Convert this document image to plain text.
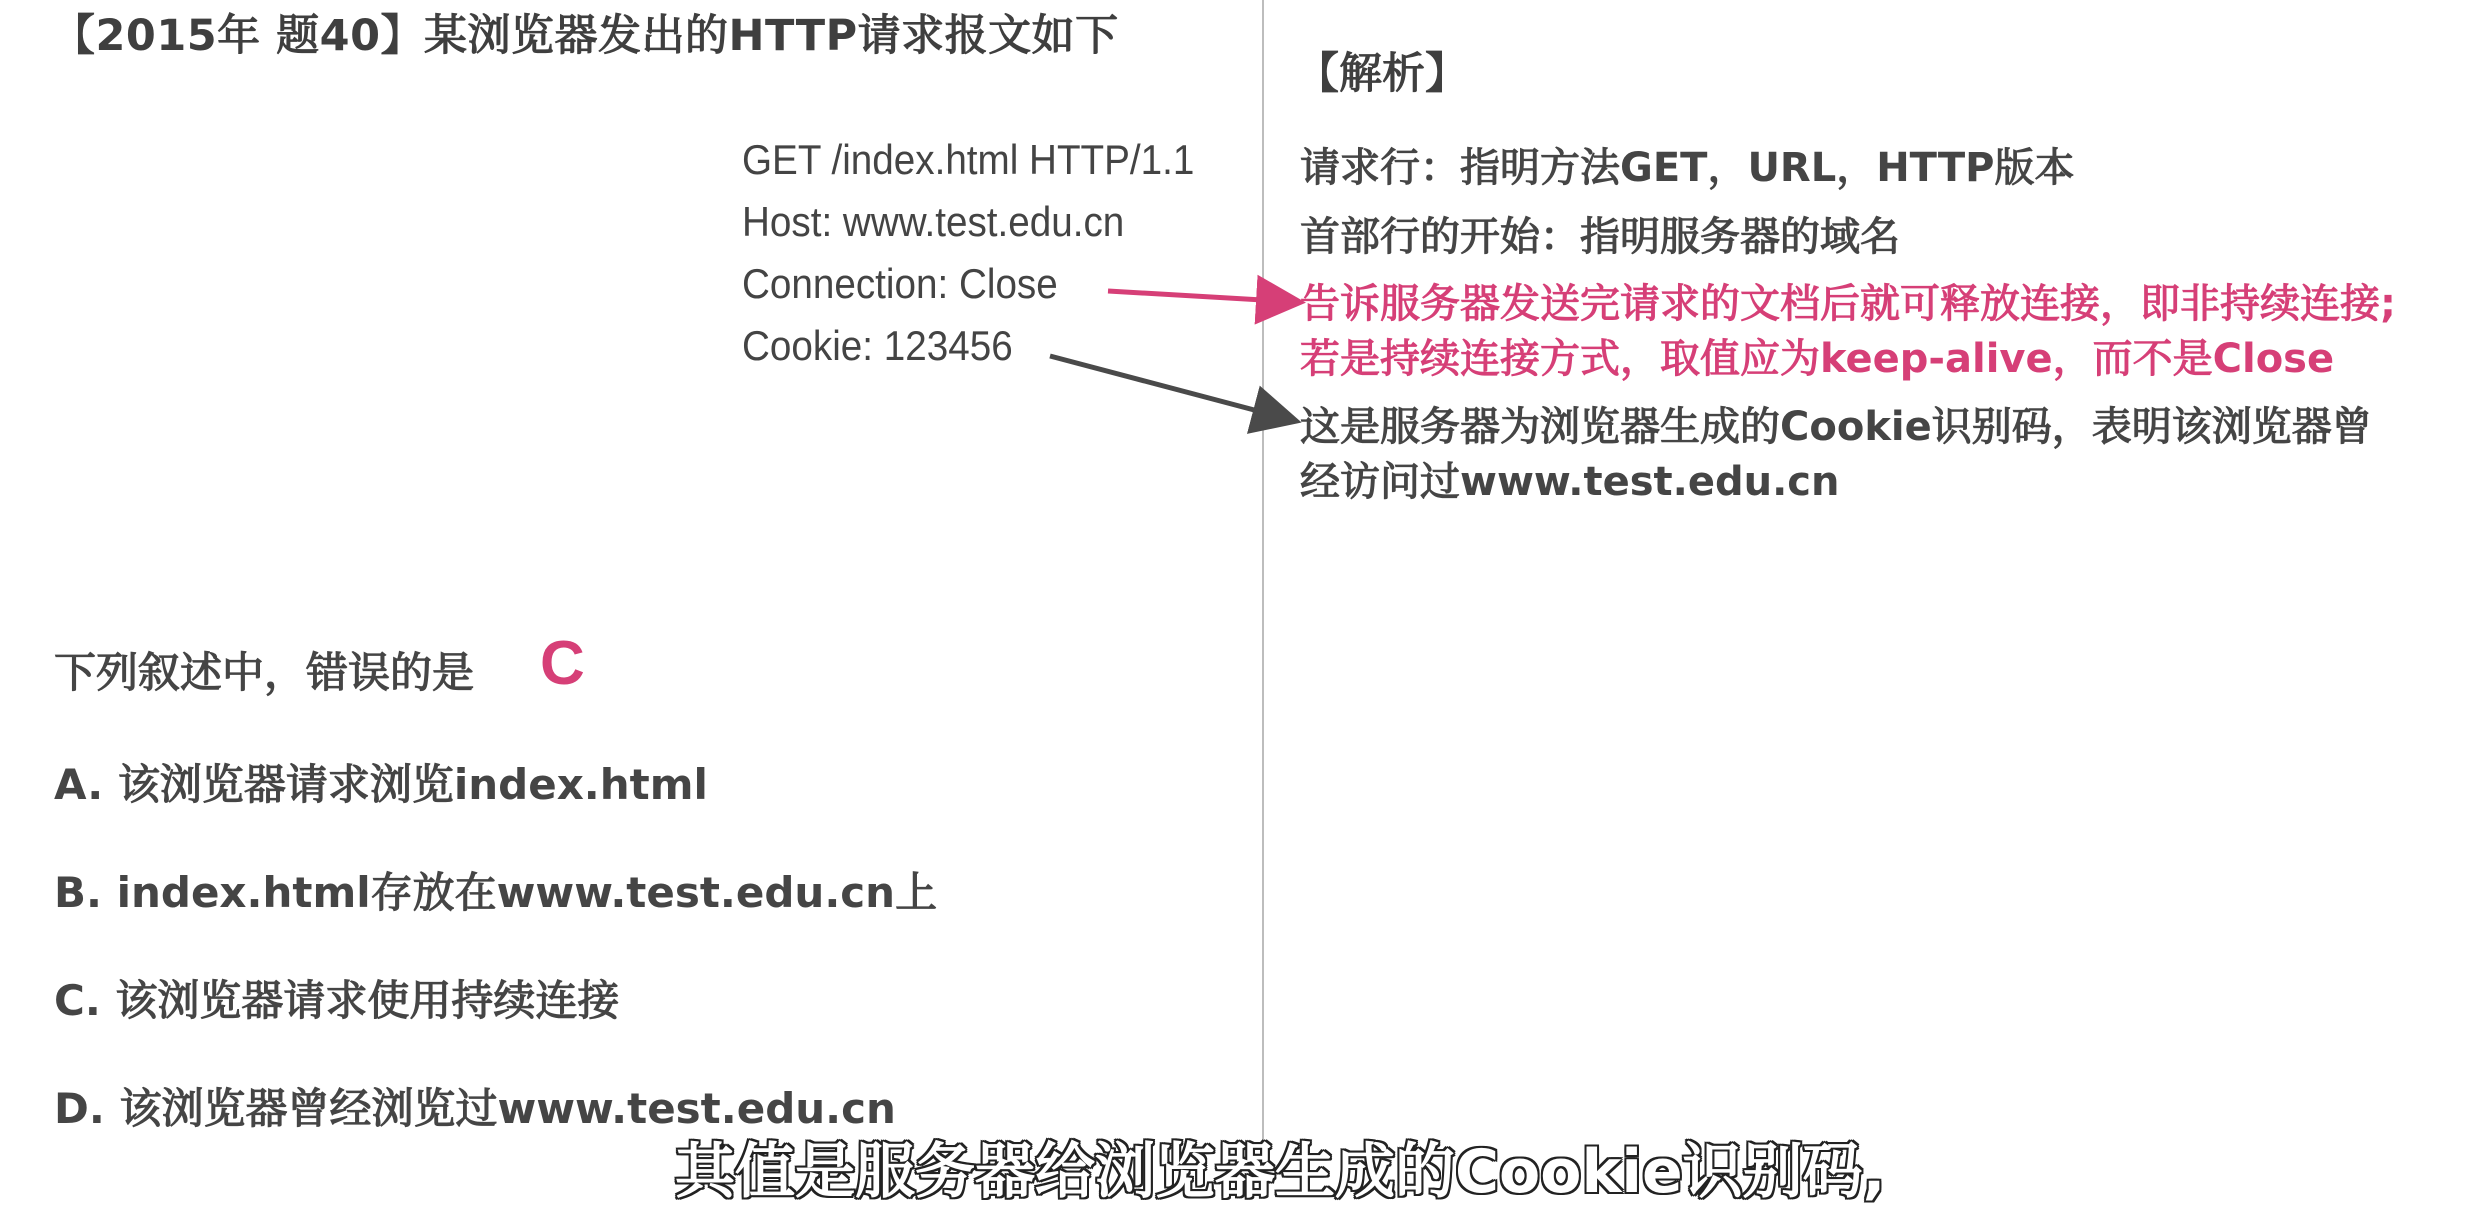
【2015年 题40】某浏览器发出的HTTP请求报文如下
GET /index.html HTTP/1.1
Host: www.test.edu.cn
Connection: Close
Cookie: 123456
【解析】
请求行：指明方法GET，URL，HTTP版本
首部行的开始：指明服务器的域名
告诉服务器发送完请求的文档后就可释放连接，即非持续连接;
若是持续连接方式，取值应为keep-alive，而不是Close
这是服务器为浏览器生成的Cookie识别码，表明该浏览器曾
经访问过www.test.edu.cn
下列叙述中，错误的是 C
A. 该浏览器请求浏览index.html
B. index.html存放在www.test.edu.cn上
C. 该浏览器请求使用持续连接
D. 该浏览器曾经浏览过www.test.edu.cn
其值是服务器给浏览器生成的Cookie识别码,
